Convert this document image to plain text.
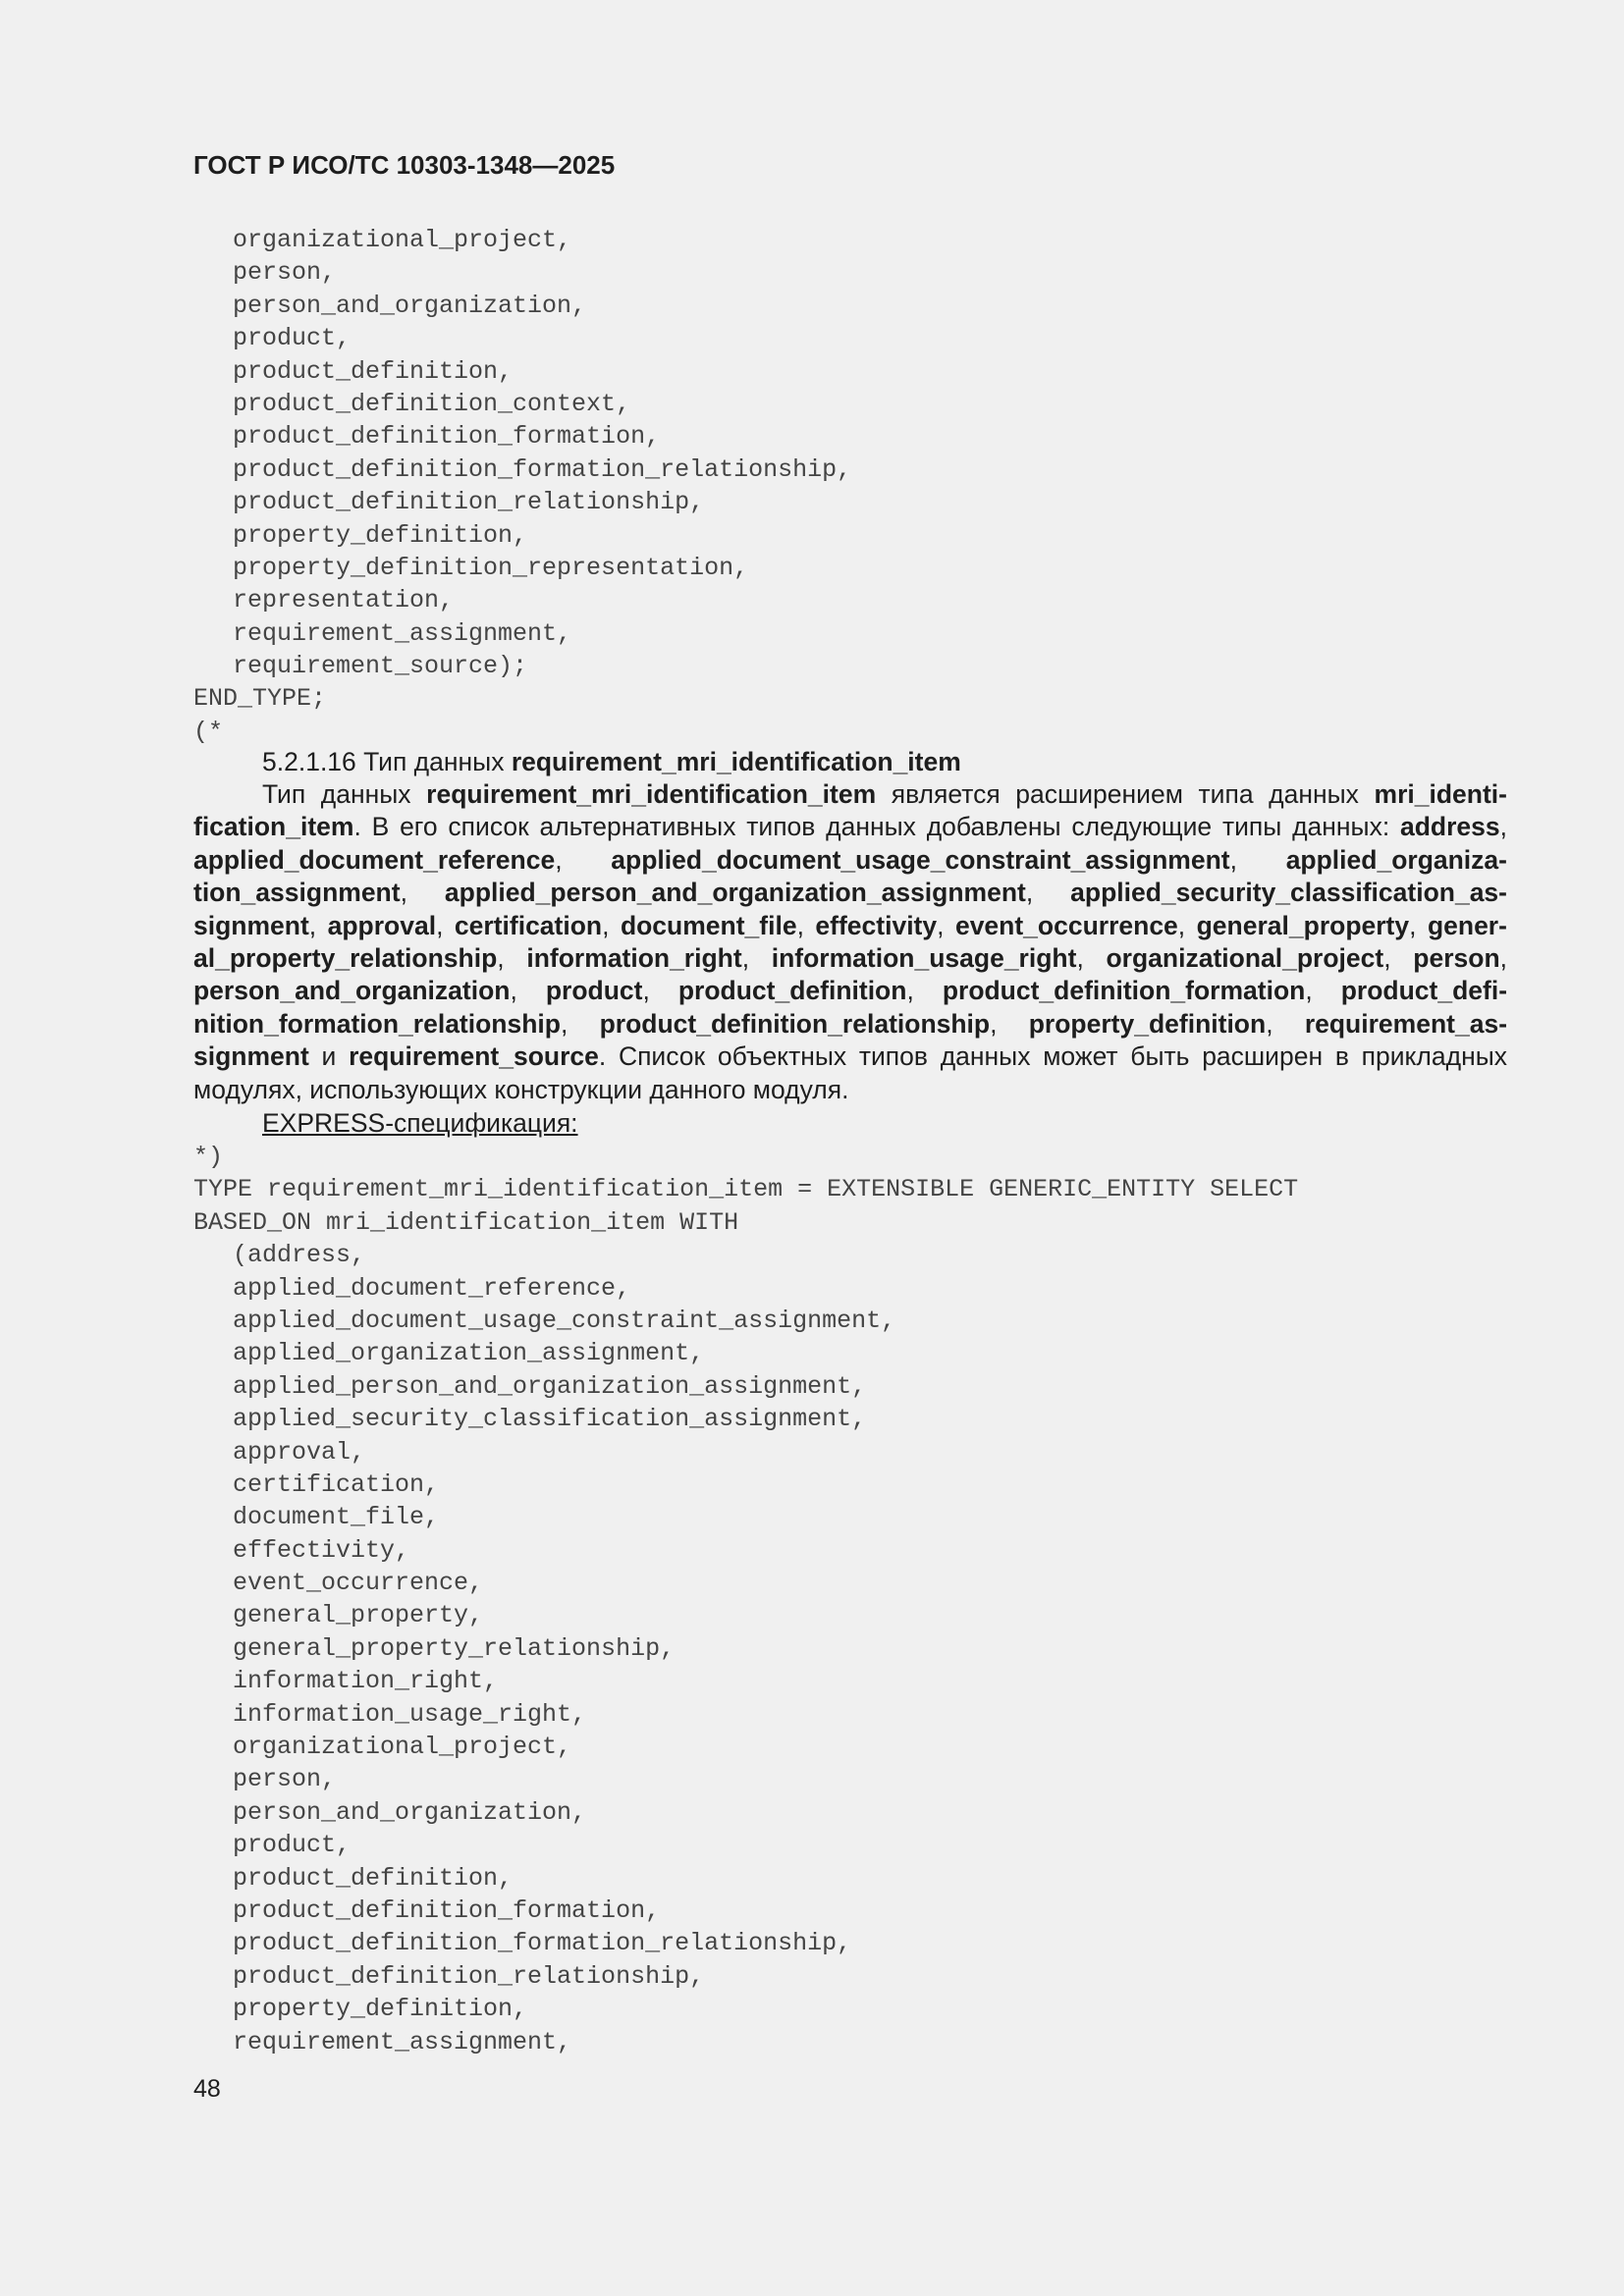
ГОСТ Р ИСО/ТС 10303-1348—2025
organizational_project,
person,
person_and_organization,
product,
product_definition,
product_definition_context,
product_definition_formation,
product_definition_formation_relationship,
product_definition_relationship,
property_definition,
property_definition_representation,
representation,
requirement_assignment,
requirement_source);
END_TYPE;
(*

5.2.1.16 Тип данных requirement_mri_identification_item

Тип данных requirement_mri_identification_item является расширением типа данных mri_identification_item. В его список альтернативных типов данных добавлены следующие типы данных: address, applied_document_reference, applied_document_usage_constraint_assignment, applied_organization_assignment, applied_person_and_organization_assignment, applied_security_classification_assignment, approval, certification, document_file, effectivity, event_occurrence, general_property, general_property_relationship, information_right, information_usage_right, organizational_project, person, person_and_organization, product, product_definition, product_definition_formation, product_definition_formation_relationship, product_definition_relationship, property_definition, requirement_assignment и requirement_source. Список объектных типов данных может быть расширен в прикладных модулях, использующих конструкции данного модуля.

EXPRESS-спецификация:

*)
TYPE requirement_mri_identification_item = EXTENSIBLE GENERIC_ENTITY SELECT
BASED_ON mri_identification_item WITH
(address,
applied_document_reference,
applied_document_usage_constraint_assignment,
applied_organization_assignment,
applied_person_and_organization_assignment,
applied_security_classification_assignment,
approval,
certification,
document_file,
effectivity,
event_occurrence,
general_property,
general_property_relationship,
information_right,
information_usage_right,
organizational_project,
person,
person_and_organization,
product,
product_definition,
product_definition_formation,
product_definition_formation_relationship,
product_definition_relationship,
property_definition,
requirement_assignment,

48
